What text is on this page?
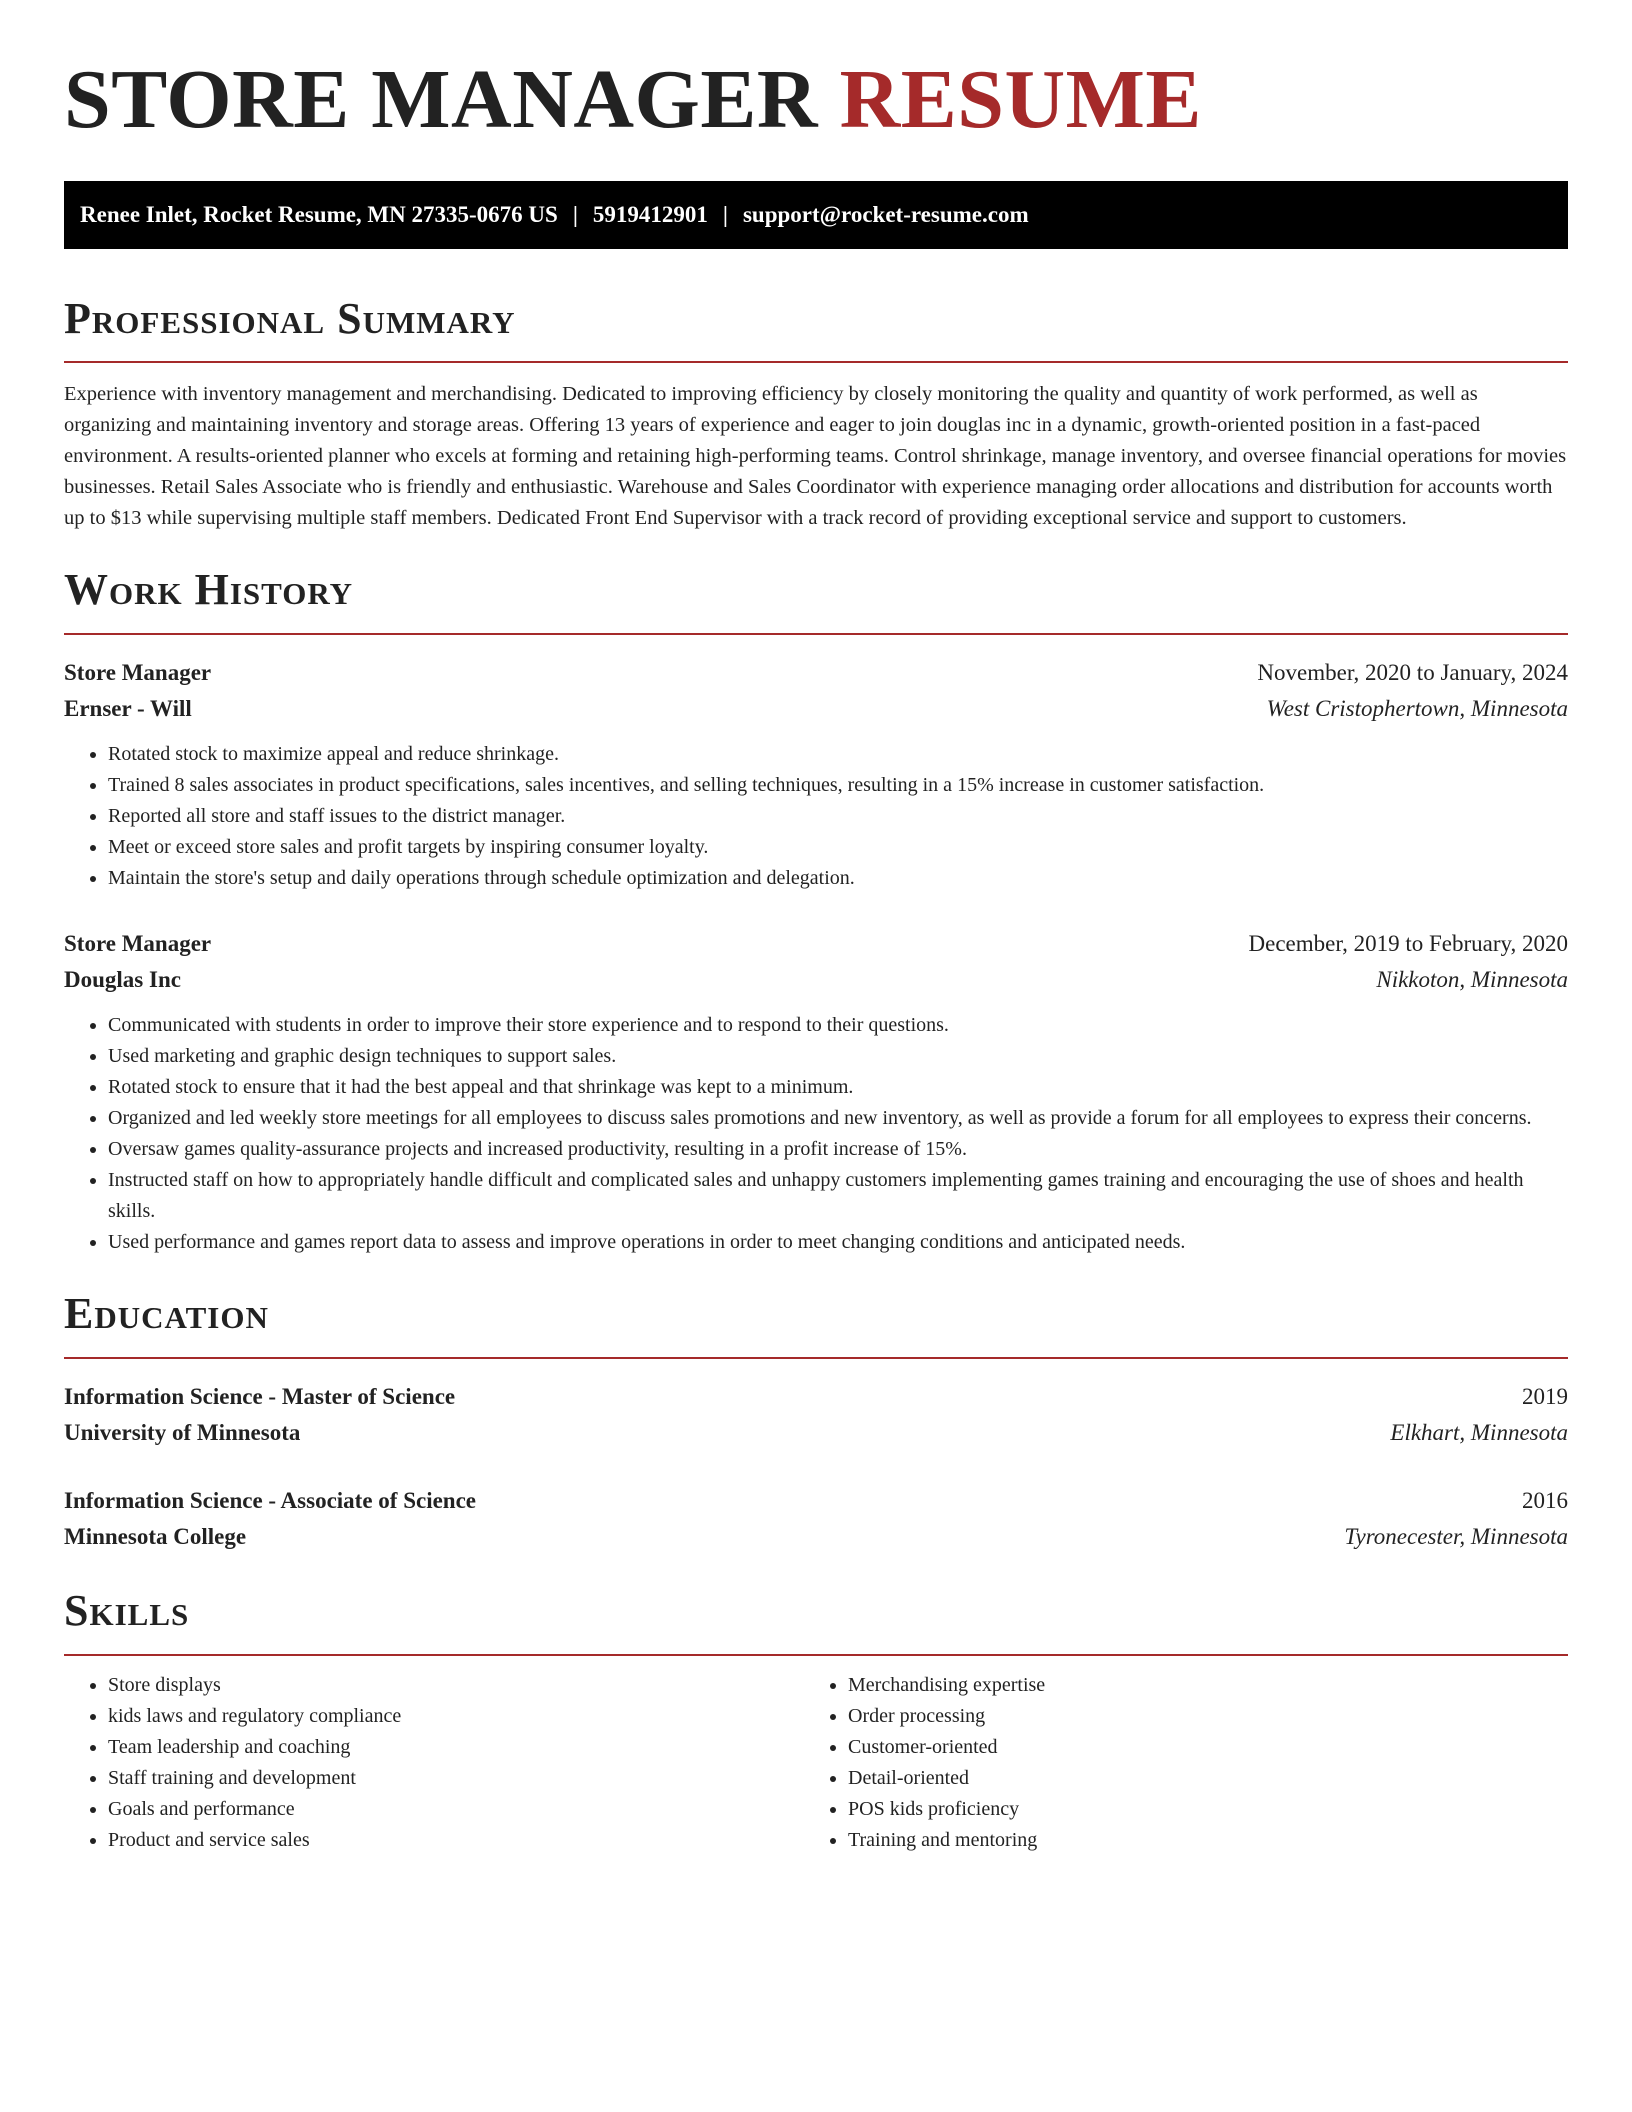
STORE MANAGER RESUME
Renee Inlet, Rocket Resume, MN 27335-0676 US | 5919412901 | support@rocket-resume.com
Professional Summary

Experience with inventory management and merchandising. Dedicated to improving efficiency by closely monitoring the quality and quantity of work performed, as well as organizing and maintaining inventory and storage areas. Offering 13 years of experience and eager to join douglas inc in a dynamic, growth-oriented position in a fast-paced environment. A results-oriented planner who excels at forming and retaining high-performing teams. Control shrinkage, manage inventory, and oversee financial operations for movies businesses. Retail Sales Associate who is friendly and enthusiastic. Warehouse and Sales Coordinator with experience managing order allocations and distribution for accounts worth up to $13 while supervising multiple staff members. Dedicated Front End Supervisor with a track record of providing exceptional service and support to customers.

Work History
Store Manager	November, 2020 to January, 2024
Ernser - Will	West Cristophertown, Minnesota
• Rotated stock to maximize appeal and reduce shrinkage.
• Trained 8 sales associates in product specifications, sales incentives, and selling techniques, resulting in a 15% increase in customer satisfaction.
• Reported all store and staff issues to the district manager.
• Meet or exceed store sales and profit targets by inspiring consumer loyalty.
• Maintain the store's setup and daily operations through schedule optimization and delegation.
Store Manager	December, 2019 to February, 2020
Douglas Inc	Nikkoton, Minnesota
• Communicated with students in order to improve their store experience and to respond to their questions.
• Used marketing and graphic design techniques to support sales.
• Rotated stock to ensure that it had the best appeal and that shrinkage was kept to a minimum.
• Organized and led weekly store meetings for all employees to discuss sales promotions and new inventory, as well as provide a forum for all employees to express their concerns.
• Oversaw games quality-assurance projects and increased productivity, resulting in a profit increase of 15%.
• Instructed staff on how to appropriately handle difficult and complicated sales and unhappy customers implementing games training and encouraging the use of shoes and health skills.
• Used performance and games report data to assess and improve operations in order to meet changing conditions and anticipated needs.
Education
Information Science - Master of Science	2019
University of Minnesota	Elkhart, Minnesota
Information Science - Associate of Science	2016
Minnesota College	Tyronecester, Minnesota
Skills
• Store displays
• kids laws and regulatory compliance
• Team leadership and coaching
• Staff training and development
• Goals and performance
• Product and service sales
• Merchandising expertise
• Order processing
• Customer-oriented
• Detail-oriented
• POS kids proficiency
• Training and mentoring
